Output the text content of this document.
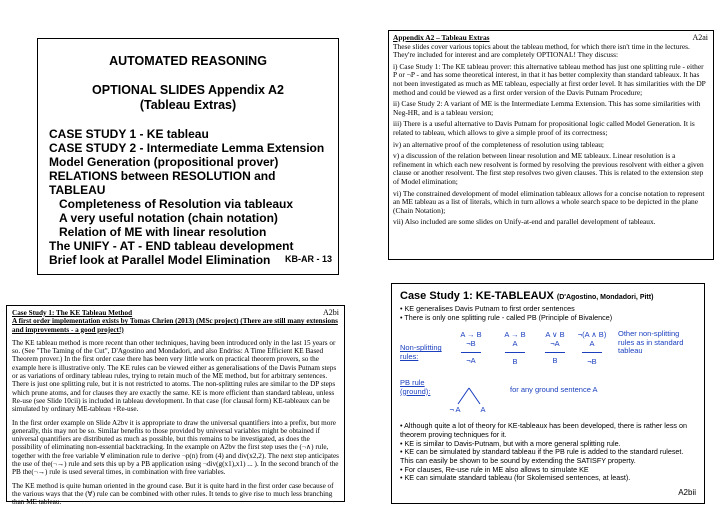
AUTOMATED REASONING
OPTIONAL SLIDES Appendix A2
(Tableau Extras)
CASE STUDY 1 - KE tableau
CASE STUDY 2 - Intermediate Lemma Extension
Model Generation (propositional prover)
RELATIONS between RESOLUTION and TABLEAU
Completeness of Resolution via tableaux
A very useful notation (chain notation)
Relation of ME with linear resolution
The UNIFY - AT - END tableau development
Brief look at Parallel Model Elimination	KB-AR - 13
A2ai
Appendix A2 – Tableau Extras

These slides cover various topics about the tableau method, for which there isn't time in the lectures. They're included for interest and are completely OPTIONAL! They discuss:

i) Case Study 1: The KE tableau prover: this alternative tableau method has just one splitting rule - either P or ¬P - and has some theoretical interest, in that it has better complexity than standard tableaux. It has not been investigated as much as ME tableau, especially at first order level. It has similarities with the DP method and could be viewed as a first order version of the Davis Putnam Procedure;

ii) Case Study 2: A variant of ME is the Intermediate Lemma Extension. This has some similarities with Neg-HR, and is a tableau version;

iii) There is a useful alternative to Davis Putnam for propositional logic called Model Generation. It is related to tableau, which allows to give a simple proof of its correctness;

iv) an alternative proof of the completeness of resolution using tableau;

v) a discussion of the relation between linear resolution and ME tableaux. Linear resolution is a refinement in which each new resolvent is formed by resolving the previous resolvent with either a given clause or another resolvent. The first step resolves two given clauses. This is related to the extension step of Model elimination;

vi) The constrained development of model elimination tableaux allows for a concise notation to represent an ME tableau as a list of literals, which in turn allows a whole search space to be depicted in the plane (Chain Notation);

vii) Also included are some slides on Unify-at-end and parallel development of tableaux.

A2bi
Case Study 1: The KE Tableau Method
A first order implementation exists by Tomas Chrien (2013) (MSc project) (There are still many extensions and improvements - a good project!)

The KE tableau method is more recent than other techniques, having been introduced only in the last 15 years or so. (See "The Taming of the Cut", D'Agostino and Mondadori, and also Endriss: A Time Efficient KE Based Theorem prover.) In the first order case there has been very little work on practical theorem provers, so the example here is illustrative only. The KE rules can be viewed either as generalisations of the Davis Putnam steps or as variations of ordinary tableau rules, trying to retain much of the ME method, but for arbitrary sentences. There is just one splitting rule, but it is not restricted to atoms. The non-splitting rules are similar to the DP steps which prune atoms, and for clauses they are exactly the same. KE is more efficient than standard tableau, unless Re-use (see Slide 10cii) is included in tableau development. In that case (for clausal form) KE-tableaux can be simulated by ordinary ME-tableau +Re-use.

In the first order example on Slide A2bv it is appropriate to draw the universal quantifiers into a prefix, but more generally, this may not be so. Similar benefits to those provided by universal variables might be obtained if universal quantifiers are distributed as much as possible, but this remains to be investigated, as does the possibility of eliminating non-essential backtracking. In the example on A2bv the first step uses the (¬∧) rule, together with the free variable ∀ elimination rule to derive ¬p(n) from (4) and div(x2,2). The next step anticipates the use of the(¬→) rule and sets this up by a PB application using ¬div(g(x1),x1) ... ). In the second branch of the PB the(¬→) rule is used several times, in combination with free variables.

The KE method is quite human oriented in the ground case. But it is quite hard in the first order case because of the various ways that the (∀) rule can be combined with other rules. It tends to give rise to much less branching than ME tableau.

Case Study 1: KE-TABLEAUX (D'Agostino, Mondadori, Pitt)
• KE generalises Davis Putnam to first order sentences
• There is only one splitting rule - called PB (Principle of Bivalence)
Non-splitting rules:
A → B
¬B
¬A
A → B
A
B
A ∨ B
¬A
B
¬(A ∧ B)
A
¬B
Other non-splitting rules as in standard tableau
PB rule (ground):
¬ A	A
for any ground sentence A
• Although quite a lot of theory for KE-tableaux has been developed, there is rather less on theorem proving techniques for it.
• KE is similar to Davis-Putnam, but with a more general splitting rule.
• KE can be simulated by standard tableau if the PB rule is added to the standard ruleset. This can easily be shown to be sound by extending the SATISFY property.
• For clauses, Re-use rule in ME also allows to simulate KE
• KE can simulate standard tableau (for Skolemised sentences, at least).
A2bii
